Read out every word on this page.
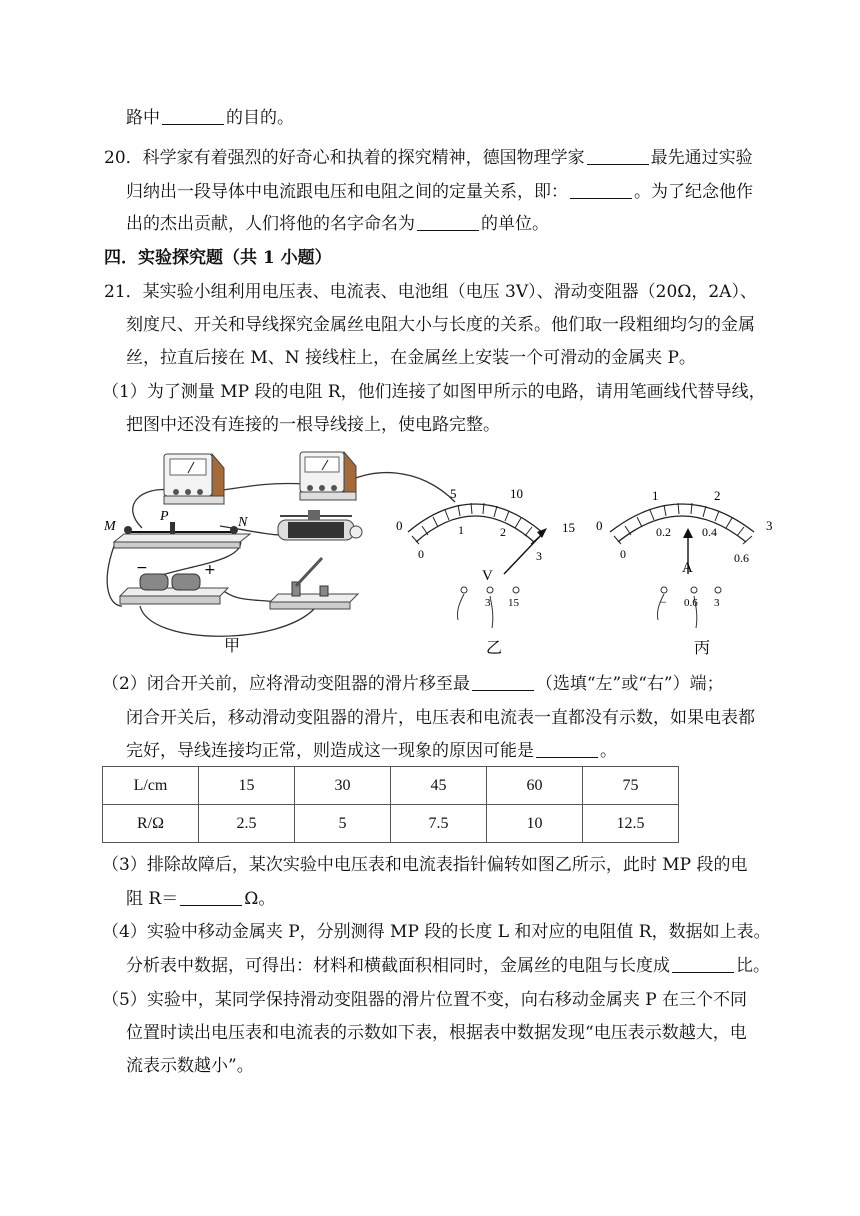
路中	的目的。
20．科学家有着强烈的好奇心和执着的探究精神，德国物理学家	最先通过实验
归纳出一段导体中电流跟电压和电阻之间的定量关系，即：	。为了纪念他作
出的杰出贡献，人们将他的名字命名为	的单位。
四．实验探究题（共 1 小题）
21．某实验小组利用电压表、电流表、电池组（电压 3V）、滑动变阻器（20Ω，2A）、
刻度尺、开关和导线探究金属丝电阻大小与长度的关系。他们取一段粗细均匀的金属
丝，拉直后接在 M、N 接线柱上，在金属丝上安装一个可滑动的金属夹 P。
（1）为了测量 MP 段的电阻 R，他们连接了如图甲所示的电路，请用笔画线代替导线，
把图中还没有连接的一根导线接上，使电路完整。
M
P	N
−	+
0
5	10
15
0
1	2
3
V
3 15
0
1	2
3
0
0.2	0.4
0.6
A
− 0.6 3
甲	乙	丙
（2）闭合开关前，应将滑动变阻器的滑片移至最	（选填“左”或“右”）端；
闭合开关后，移动滑动变阻器的滑片，电压表和电流表一直都没有示数，如果电表都
完好，导线连接均正常，则造成这一现象的原因可能是	。
L/cm	15	30	45	60	75
R/Ω	2.5	5	7.5	10	12.5
（3）排除故障后，某次实验中电压表和电流表指针偏转如图乙所示，此时 MP 段的电
阻 R＝	Ω。
（4）实验中移动金属夹 P，分别测得 MP 段的长度 L 和对应的电阻值 R，数据如上表。
分析表中数据，可得出：材料和横截面积相同时，金属丝的电阻与长度成	比。
（5）实验中，某同学保持滑动变阻器的滑片位置不变，向右移动金属夹 P 在三个不同
位置时读出电压表和电流表的示数如下表，根据表中数据发现“电压表示数越大，电
流表示数越小”。
